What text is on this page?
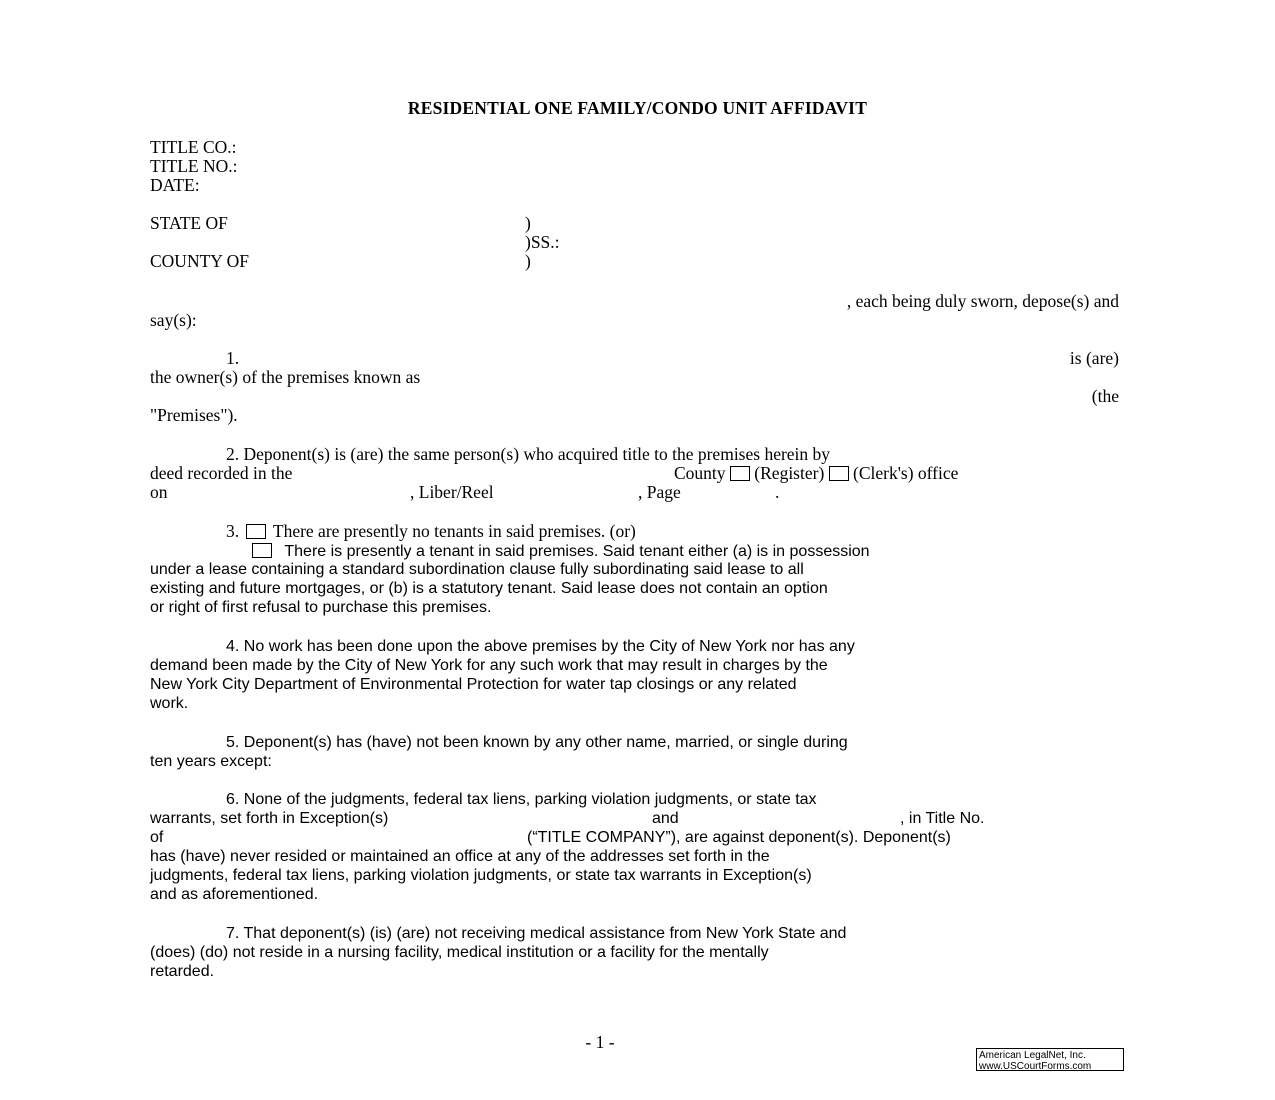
RESIDENTIAL ONE FAMILY/CONDO UNIT AFFIDAVIT
TITLE CO.:
TITLE NO.:
DATE:
STATE OF	)
)SS.:
COUNTY OF	)
, each being duly sworn, depose(s) and
say(s):
1.	is (are)
the owner(s) of the premises known as
(the
"Premises").
2. Deponent(s) is (are) the same person(s) who acquired title to the premises herein by
deed recorded in the	County (Register) (Clerk's) office
on	, Liber/Reel	, Page	.
3. There are presently no tenants in said premises. (or)
There is presently a tenant in said premises. Said tenant either (a) is in possession
under a lease containing a standard subordination clause fully subordinating said lease to all
existing and future mortgages, or (b) is a statutory tenant. Said lease does not contain an option
or right of first refusal to purchase this premises.
4. No work has been done upon the above premises by the City of New York nor has any
demand been made by the City of New York for any such work that may result in charges by the
New York City Department of Environmental Protection for water tap closings or any related
work.
5. Deponent(s) has (have) not been known by any other name, married, or single during
ten years except:
6. None of the judgments, federal tax liens, parking violation judgments, or state tax
warrants, set forth in Exception(s)	and	, in Title No.
of	(“TITLE COMPANY”), are against deponent(s). Deponent(s)
has (have) never resided or maintained an office at any of the addresses set forth in the
judgments, federal tax liens, parking violation judgments, or state tax warrants in Exception(s)
and as aforementioned.
7. That deponent(s) (is) (are) not receiving medical assistance from New York State and
(does) (do) not reside in a nursing facility, medical institution or a facility for the mentally
retarded.
- 1 -
American LegalNet, Inc.
www.USCourtForms.com
